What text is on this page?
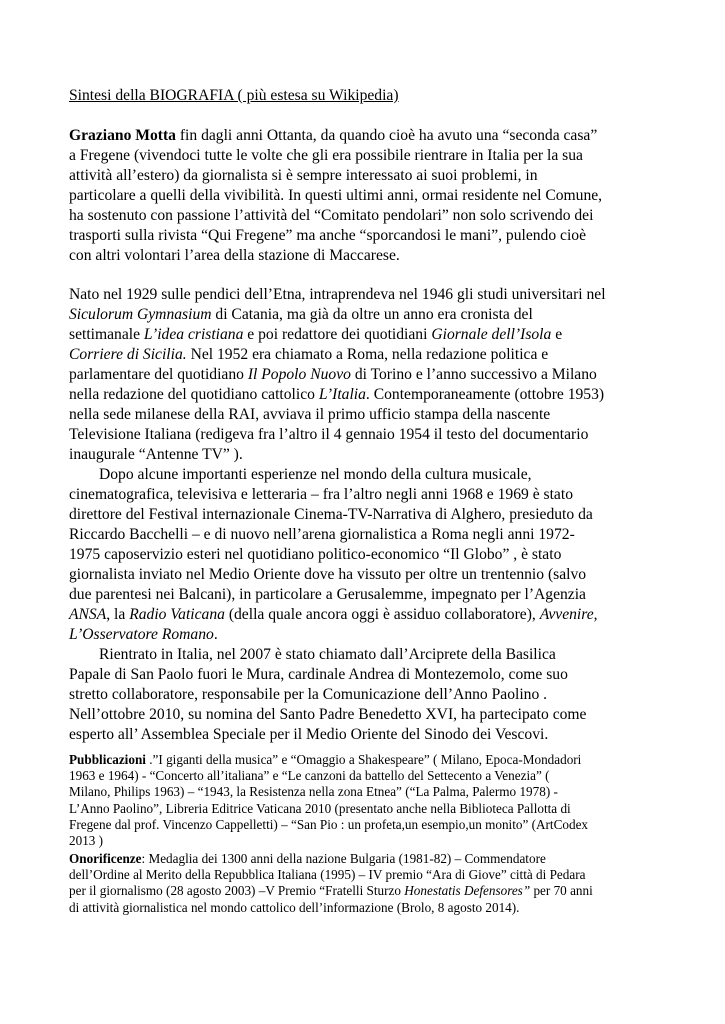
Sintesi della BIOGRAFIA ( più estesa su Wikipedia)
Graziano Motta fin dagli anni Ottanta, da quando cioè ha avuto una “seconda casa”
a Fregene (vivendoci tutte le volte che gli era possibile rientrare in Italia per la sua
attività all’estero) da giornalista si è sempre interessato ai suoi problemi, in
particolare a quelli della vivibilità. In questi ultimi anni, ormai residente nel Comune,
ha sostenuto con passione l’attività del “Comitato pendolari” non solo scrivendo dei
trasporti sulla rivista “Qui Fregene” ma anche “sporcandosi le mani”, pulendo cioè
con altri volontari l’area della stazione di Maccarese.
Nato nel 1929 sulle pendici dell’Etna, intraprendeva nel 1946 gli studi universitari nel
Siculorum Gymnasium di Catania, ma già da oltre un anno era cronista del
settimanale L’idea cristiana e poi redattore dei quotidiani Giornale dell’Isola e
Corriere di Sicilia. Nel 1952 era chiamato a Roma, nella redazione politica e
parlamentare del quotidiano Il Popolo Nuovo di Torino e l’anno successivo a Milano
nella redazione del quotidiano cattolico L’Italia. Contemporaneamente (ottobre 1953)
nella sede milanese della RAI, avviava il primo ufficio stampa della nascente
Televisione Italiana (redigeva fra l’altro il 4 gennaio 1954 il testo del documentario
inaugurale “Antenne TV” ).
Dopo alcune importanti esperienze nel mondo della cultura musicale,
cinematografica, televisiva e letteraria – fra l’altro negli anni 1968 e 1969 è stato
direttore del Festival internazionale Cinema-TV-Narrativa di Alghero, presieduto da
Riccardo Bacchelli – e di nuovo nell’arena giornalistica a Roma negli anni 1972-
1975 caposervizio esteri nel quotidiano politico-economico “Il Globo” , è stato
giornalista inviato nel Medio Oriente dove ha vissuto per oltre un trentennio (salvo
due parentesi nei Balcani), in particolare a Gerusalemme, impegnato per l’Agenzia
ANSA, la Radio Vaticana (della quale ancora oggi è assiduo collaboratore), Avvenire,
L’Osservatore Romano.
Rientrato in Italia, nel 2007 è stato chiamato dall’Arciprete della Basilica
Papale di San Paolo fuori le Mura, cardinale Andrea di Montezemolo, come suo
stretto collaboratore, responsabile per la Comunicazione dell’Anno Paolino .
Nell’ottobre 2010, su nomina del Santo Padre Benedetto XVI, ha partecipato come
esperto all’ Assemblea Speciale per il Medio Oriente del Sinodo dei Vescovi.
Pubblicazioni .”I giganti della musica” e “Omaggio a Shakespeare” ( Milano, Epoca-Mondadori
1963 e 1964) - “Concerto all’italiana” e “Le canzoni da battello del Settecento a Venezia” (
Milano, Philips 1963) – “1943, la Resistenza nella zona Etnea” (“La Palma, Palermo 1978) -
L’Anno Paolino”, Libreria Editrice Vaticana 2010 (presentato anche nella Biblioteca Pallotta di
Fregene dal prof. Vincenzo Cappelletti) – “San Pio : un profeta,un esempio,un monito” (ArtCodex
2013 )
Onorificenze: Medaglia dei 1300 anni della nazione Bulgaria (1981-82) – Commendatore
dell’Ordine al Merito della Repubblica Italiana (1995) – IV premio “Ara di Giove” città di Pedara
per il giornalismo (28 agosto 2003) –V Premio “Fratelli Sturzo Honestatis Defensores” per 70 anni
di attività giornalistica nel mondo cattolico dell’informazione (Brolo, 8 agosto 2014).
